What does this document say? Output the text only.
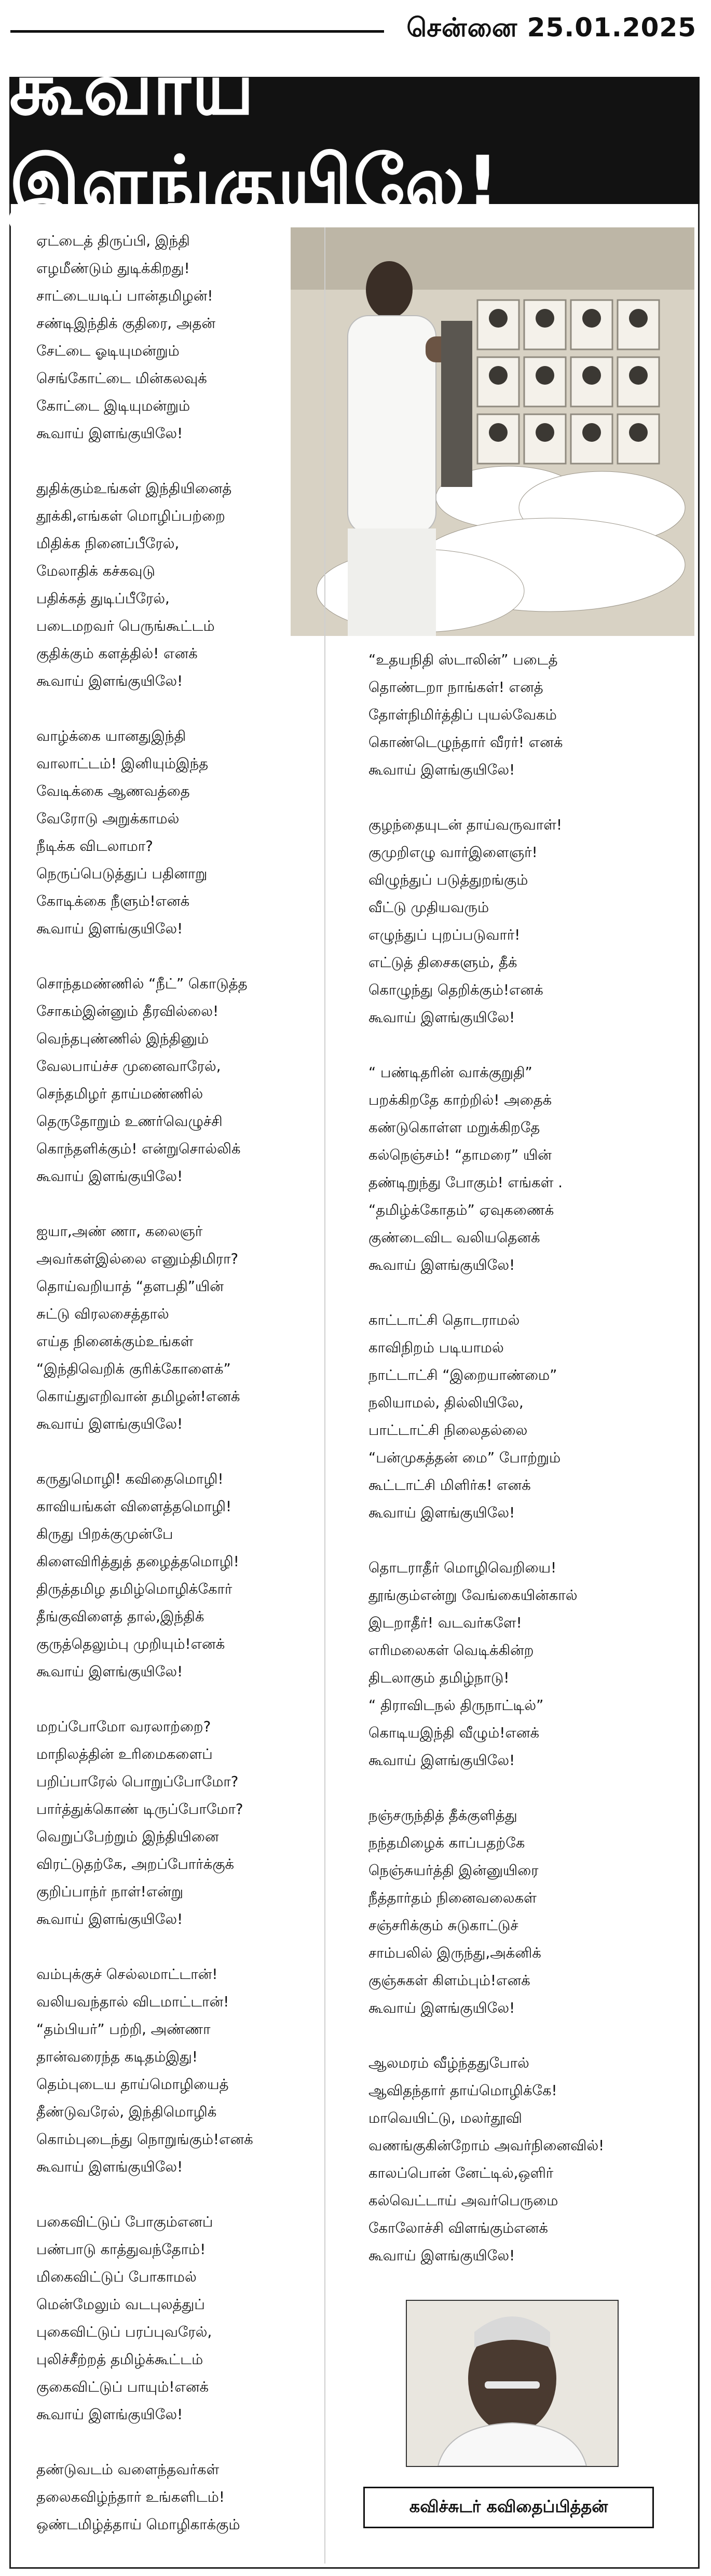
சென்னை 25.01.2025
கூவாய் இளங்குயிலே!
ஏட்டைத் திருப்பி, இந்தி
எழமீண்டும் துடிக்கிறது!
சாட்டையடிப் பான்தமிழன்!
சண்டிஇந்திக் குதிரை, அதன்
சேட்டை ஓடியுமன்றும்
செங்கோட்டை மின்கலவுக்
கோட்டை இடியுமன்றும்
கூவாய் இளங்குயிலே!
துதிக்கும்உங்கள் இந்தியினைத்
தூக்கி,எங்கள் மொழிப்பற்றை
மிதிக்க நினைப்பீரேல்,
மேலாதிக் கச்கவுடு
பதிக்கத் துடிப்பீரேல்,
படைமறவர் பெருங்கூட்டம்
குதிக்கும் களத்தில்! எனக்
கூவாய் இளங்குயிலே!
வாழ்க்கை யானதுஇந்தி
வாலாட்டம்! இனியும்இந்த
வேடிக்கை ஆணவத்தை
வேரோடு அறுக்காமல்
நீடிக்க விடலாமா?
நெருப்பெடுத்துப் பதினாறு
கோடிக்கை நீளும்!எனக்
கூவாய் இளங்குயிலே!
சொந்தமண்ணில் “நீட்” கொடுத்த
சோகம்இன்னும் தீரவில்லை!
வெந்தபுண்ணில் இந்தினும்
வேலபாய்ச்ச முனைவாரேல்,
செந்தமிழர் தாய்மண்ணில்
தெருதோறும் உணர்வெழுச்சி
கொந்தளிக்கும்! என்றுசொல்லிக்
கூவாய் இளங்குயிலே!
ஐயா,அண் ணா, கலைஞர்
அவர்கள்இல்லை எனும்திமிரா?
தொய்வறியாத் “தளபதி”யின்
சுட்டு விரலசைத்தால்
எய்த நினைக்கும்உங்கள்
“இந்திவெறிக் குரிக்கோளைக்”
கொய்துஎறிவான் தமிழன்!எனக்
கூவாய் இளங்குயிலே!
கருதுமொழி! கவிதைமொழி!
காவியங்கள் விளைத்தமொழி!
கிருது பிறக்குமுன்பே
கிளைவிரித்துத் தழைத்தமொழி!
திருத்தமிழ தமிழ்மொழிக்கோர்
தீங்குவிளைத் தால்,இந்திக்
குருத்தெலும்பு முறியும்!எனக்
கூவாய் இளங்குயிலே!
மறப்போமோ வரலாற்றை?
மாநிலத்தின் உரிமைகளைப்
பறிப்பாரேல் பொறுப்போமோ?
பார்த்துக்கொண் டிருப்போமோ?
வெறுப்பேற்றும் இந்தியினை
விரட்டுதற்கே, அறப்போர்க்குக்
குறிப்பாந்ர் நாள்!என்று
கூவாய் இளங்குயிலே!
வம்புக்குச் செல்லமாட்டான்!
வலியவந்தால் விடமாட்டான்!
“தம்பியர்” பற்றி, அண்ணா
தான்வரைந்த கடிதம்இது!
தெம்புடைய தாய்மொழியைத்
தீண்டுவரேல், இந்திமொழிக்
கொம்புடைந்து நொறுங்கும்!எனக்
கூவாய் இளங்குயிலே!
பகைவிட்டுப் போகும்எனப்
பண்பாடு காத்துவந்தோம்!
மிகைவிட்டுப் போகாமல்
மென்மேலும் வடபுலத்துப்
புகைவிட்டுப் பரப்புவரேல்,
புலிச்சீற்றத் தமிழ்க்கூட்டம்
குகைவிட்டுப் பாயும்!எனக்
கூவாய் இளங்குயிலே!
தண்டுவடம் வளைந்தவர்கள்
தலைகவிழ்ந்தார் உங்களிடம்!
ஒண்டமிழ்த்தாய் மொழிகாக்கும்
“உதயநிதி ஸ்டாலின்” படைத்
தொண்டறா நாங்கள்! எனத்
தோள்நிமிர்த்திப் புயல்வேகம்
கொண்டெழுந்தார் வீரர்! எனக்
கூவாய் இளங்குயிலே!
குழந்தையுடன் தாய்வருவாள்!
குமுறிஎழு வார்இளைஞர்!
விழுந்துப் படுத்துறங்கும்
வீட்டு முதியவரும்
எழுந்துப் புறப்படுவார்!
எட்டுத் திசைகளும், தீக்
கொழுந்து தெறிக்கும்!எனக்
கூவாய் இளங்குயிலே!
“ பண்டிதரின் வாக்குறுதி”
பறக்கிறதே காற்றில்! அதைக்
கண்டுகொள்ள மறுக்கிறதே
கல்நெஞ்சம்! “தாமரை” யின்
தண்டிறுந்து போகும்! எங்கள் .
“தமிழ்க்கோதம்” ஏவுகணைக்
குண்டைவிட வலியதெனக்
கூவாய் இளங்குயிலே!
காட்டாட்சி தொடராமல்
காவிநிறம் படியாமல்
நாட்டாட்சி “இறையாண்மை”
நலியாமல், தில்லியிலே,
பாட்டாட்சி நிலைதல்லை
“பன்முகத்தன் மை” போற்றும்
கூட்டாட்சி மிளிர்க! எனக்
கூவாய் இளங்குயிலே!
தொடராதீர் மொழிவெறியை!
தூங்கும்என்று வேங்கையின்கால்
இடறாதீர்! வடவர்களே!
எரிமலைகள் வெடிக்கின்ற
திடலாகும் தமிழ்நாடு!
“ திராவிடநல் திருநாட்டில்”
கொடியஇந்தி வீழும்!எனக்
கூவாய் இளங்குயிலே!
நஞ்சருந்தித் தீக்குளித்து
நந்தமிழைக் காப்பதற்கே
நெஞ்சுயர்த்தி இன்னுயிரை
நீத்தார்தம் நினைவலைகள்
சஞ்சரிக்கும் சுடுகாட்டுச்
சாம்பலில் இருந்து,அக்னிக்
குஞ்சுகள் கிளம்பும்!எனக்
கூவாய் இளங்குயிலே!
ஆலமரம் வீழ்ந்ததுபோல்
ஆவிதந்தார் தாய்மொழிக்கே!
மாவெயிட்டு, மலர்தூவி
வணங்குகின்றோம் அவர்நினைவில்!
காலப்பொன் னேட்டில்,ஒளிர்
கல்வெட்டாய் அவர்பெருமை
கோலோச்சி விளங்கும்எனக்
கூவாய் இளங்குயிலே!
கவிச்சுடர் கவிதைப்பித்தன்
